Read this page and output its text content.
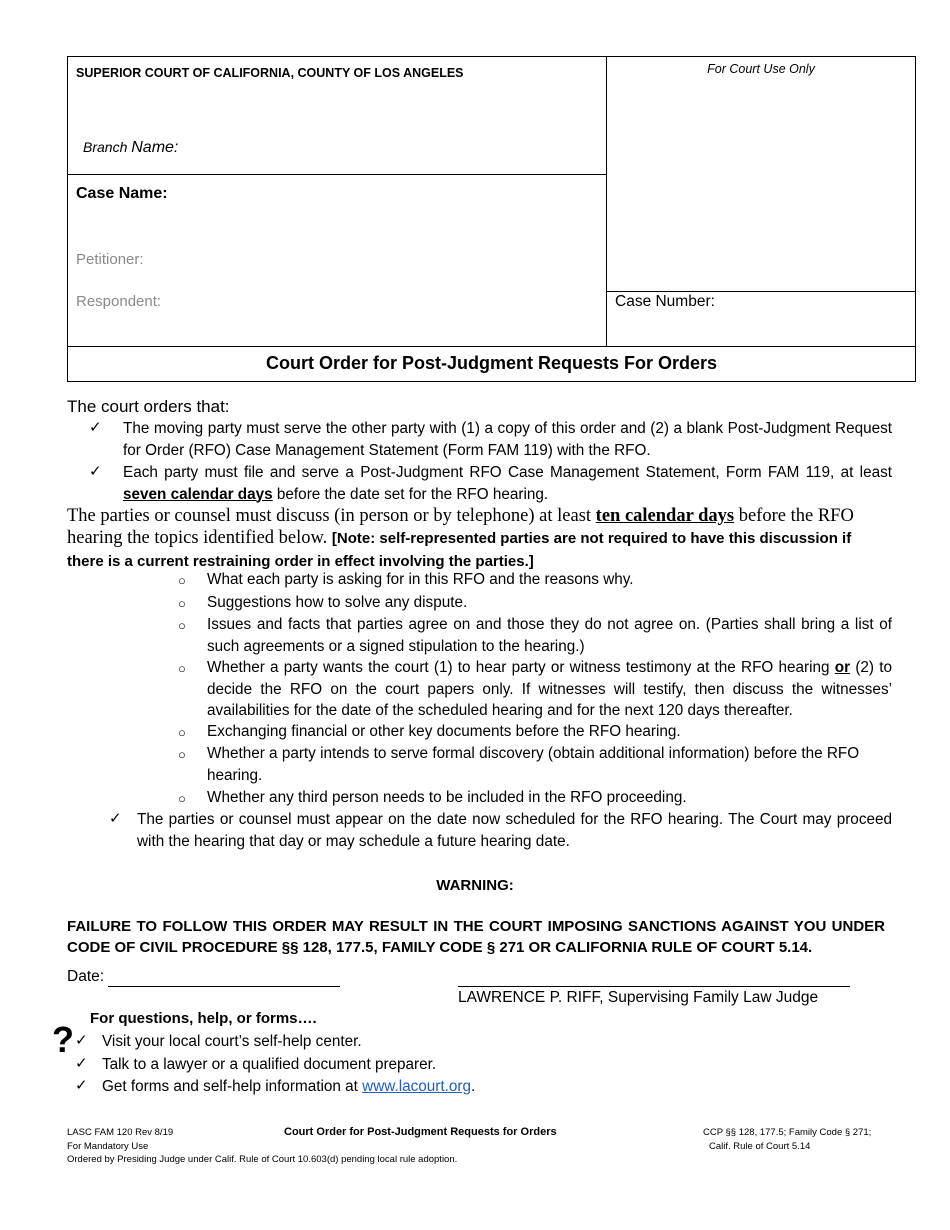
SUPERIOR COURT OF CALIFORNIA, COUNTY OF LOS ANGELES	For Court Use Only
Branch Name:
Case Name:
Petitioner:
Respondent:	Case Number:
Court Order for Post-Judgment Requests For Orders
The court orders that:
✓ The moving party must serve the other party with (1) a copy of this order and (2) a blank Post-Judgment Request for Order (RFO) Case Management Statement (Form FAM 119) with the RFO.
✓ Each party must file and serve a Post-Judgment RFO Case Management Statement, Form FAM 119, at least seven calendar days before the date set for the RFO hearing.
The parties or counsel must discuss (in person or by telephone) at least ten calendar days before the RFO hearing the topics identified below. [Note: self-represented parties are not required to have this discussion if there is a current restraining order in effect involving the parties.]
○ What each party is asking for in this RFO and the reasons why.
○ Suggestions how to solve any dispute.
○ Issues and facts that parties agree on and those they do not agree on. (Parties shall bring a list of such agreements or a signed stipulation to the hearing.)
○ Whether a party wants the court (1) to hear party or witness testimony at the RFO hearing or (2) to decide the RFO on the court papers only. If witnesses will testify, then discuss the witnesses’ availabilities for the date of the scheduled hearing and for the next 120 days thereafter.
○ Exchanging financial or other key documents before the RFO hearing.
○ Whether a party intends to serve formal discovery (obtain additional information) before the RFO hearing.
○ Whether any third person needs to be included in the RFO proceeding.
✓ The parties or counsel must appear on the date now scheduled for the RFO hearing. The Court may proceed with the hearing that day or may schedule a future hearing date.
WARNING:
FAILURE TO FOLLOW THIS ORDER MAY RESULT IN THE COURT IMPOSING SANCTIONS AGAINST YOU UNDER CODE OF CIVIL PROCEDURE §§ 128, 177.5, FAMILY CODE § 271 OR CALIFORNIA RULE OF COURT 5.14.
Date:
LAWRENCE P. RIFF, Supervising Family Law Judge
For questions, help, or forms….
? ✓ Visit your local court’s self-help center.
✓ Talk to a lawyer or a qualified document preparer.
✓ Get forms and self-help information at www.lacourt.org.
LASC FAM 120 Rev 8/19
For Mandatory Use
Ordered by Presiding Judge under Calif. Rule of Court 10.603(d) pending local rule adoption.
Court Order for Post-Judgment Requests for Orders	CCP §§ 128, 177.5; Family Code § 271;
Calif. Rule of Court 5.14
